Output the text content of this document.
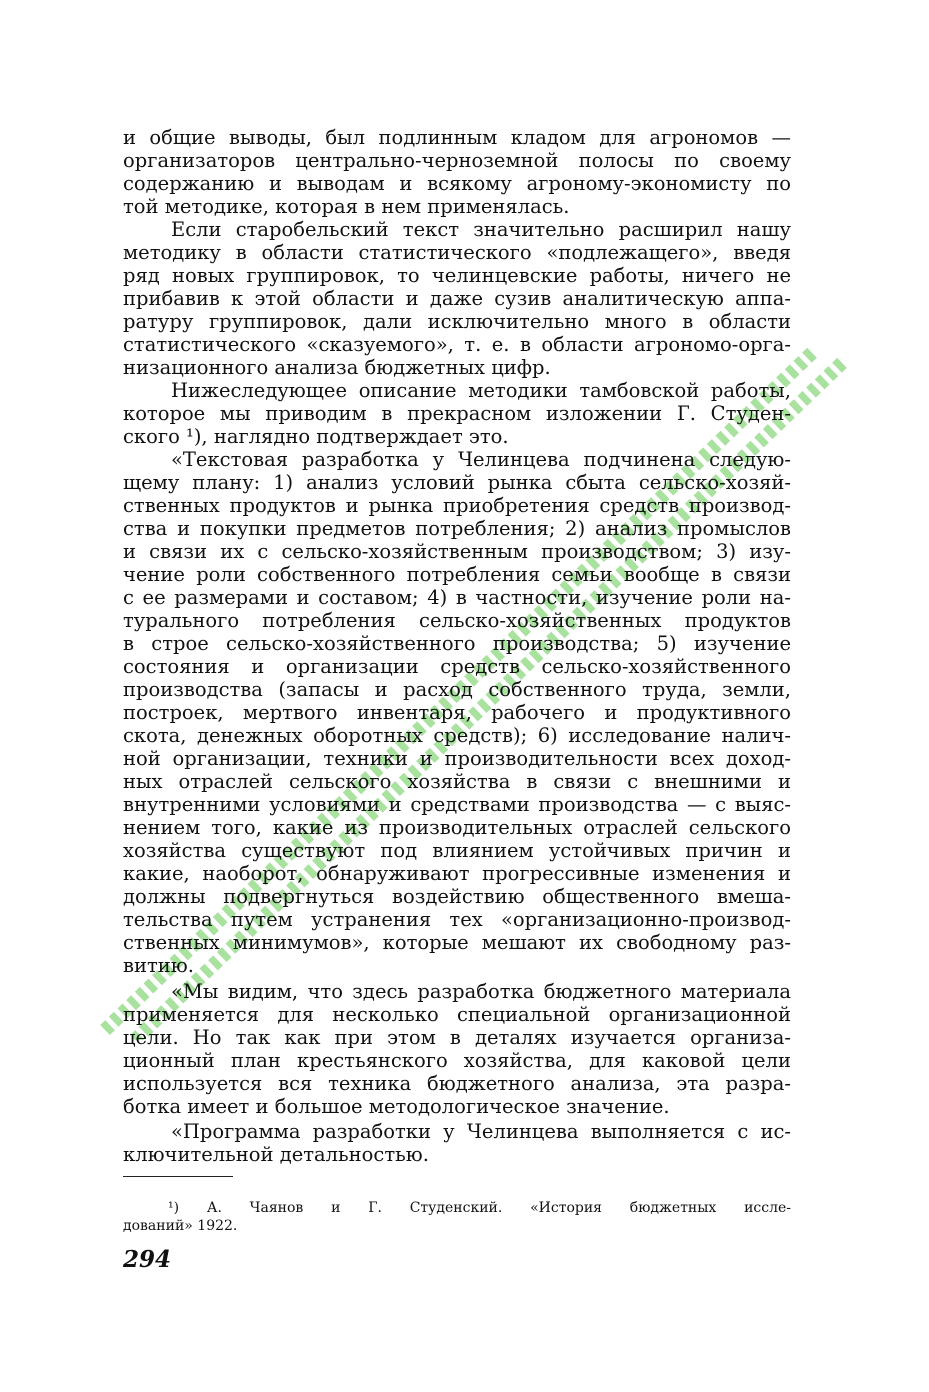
и общие выводы, был подлинным кладом для агрономов —
организаторов центрально-черноземной полосы по своему
содержанию и выводам и всякому агроному-экономисту по
той методике, которая в нем применялась.
Если старобельский текст значительно расширил нашу
методику в области статистического «подлежащего», введя
ряд новых группировок, то челинцевские работы, ничего не
прибавив к этой области и даже сузив аналитическую аппа-
ратуру группировок, дали исключительно много в области
статистического «сказуемого», т. е. в области агрономо-орга-
низационного анализа бюджетных цифр.
Нижеследующее описание методики тамбовской работы,
которое мы приводим в прекрасном изложении Г. Студен-
ского ¹), наглядно подтверждает это.
«Текстовая разработка у Челинцева подчинена следую-
щему плану: 1) анализ условий рынка сбыта сельско-хозяй-
ственных продуктов и рынка приобретения средств производ-
ства и покупки предметов потребления; 2) анализ промыслов
и связи их с сельско-хозяйственным производством; 3) изу-
чение роли собственного потребления семьи вообще в связи
с ее размерами и составом; 4) в частности, изучение роли на-
турального потребления сельско-хозяйственных продуктов
в строе сельско-хозяйственного производства; 5) изучение
состояния и организации средств сельско-хозяйственного
производства (запасы и расход собственного труда, земли,
построек, мертвого инвентаря, рабочего и продуктивного
скота, денежных оборотных средств); 6) исследование налич-
ной организации, техники и производительности всех доход-
ных отраслей сельского хозяйства в связи с внешними и
внутренними условиями и средствами производства — с выяс-
нением того, какие из производительных отраслей сельского
хозяйства существуют под влиянием устойчивых причин и
какие, наоборот, обнаруживают прогрессивные изменения и
должны подвергнуться воздействию общественного вмеша-
тельства путем устранения тех «организационно-производ-
ственных минимумов», которые мешают их свободному раз-
витию.
«Мы видим, что здесь разработка бюджетного материала
применяется для несколько специальной организационной
цели. Но так как при этом в деталях изучается организа-
ционный план крестьянского хозяйства, для каковой цели
используется вся техника бюджетного анализа, эта разра-
ботка имеет и большое методологическое значение.
«Программа разработки у Челинцева выполняется с ис-
ключительной детальностью.
¹) А. Чаянов и Г. Студенский. «История бюджетных иссле-
дований» 1922.
294
